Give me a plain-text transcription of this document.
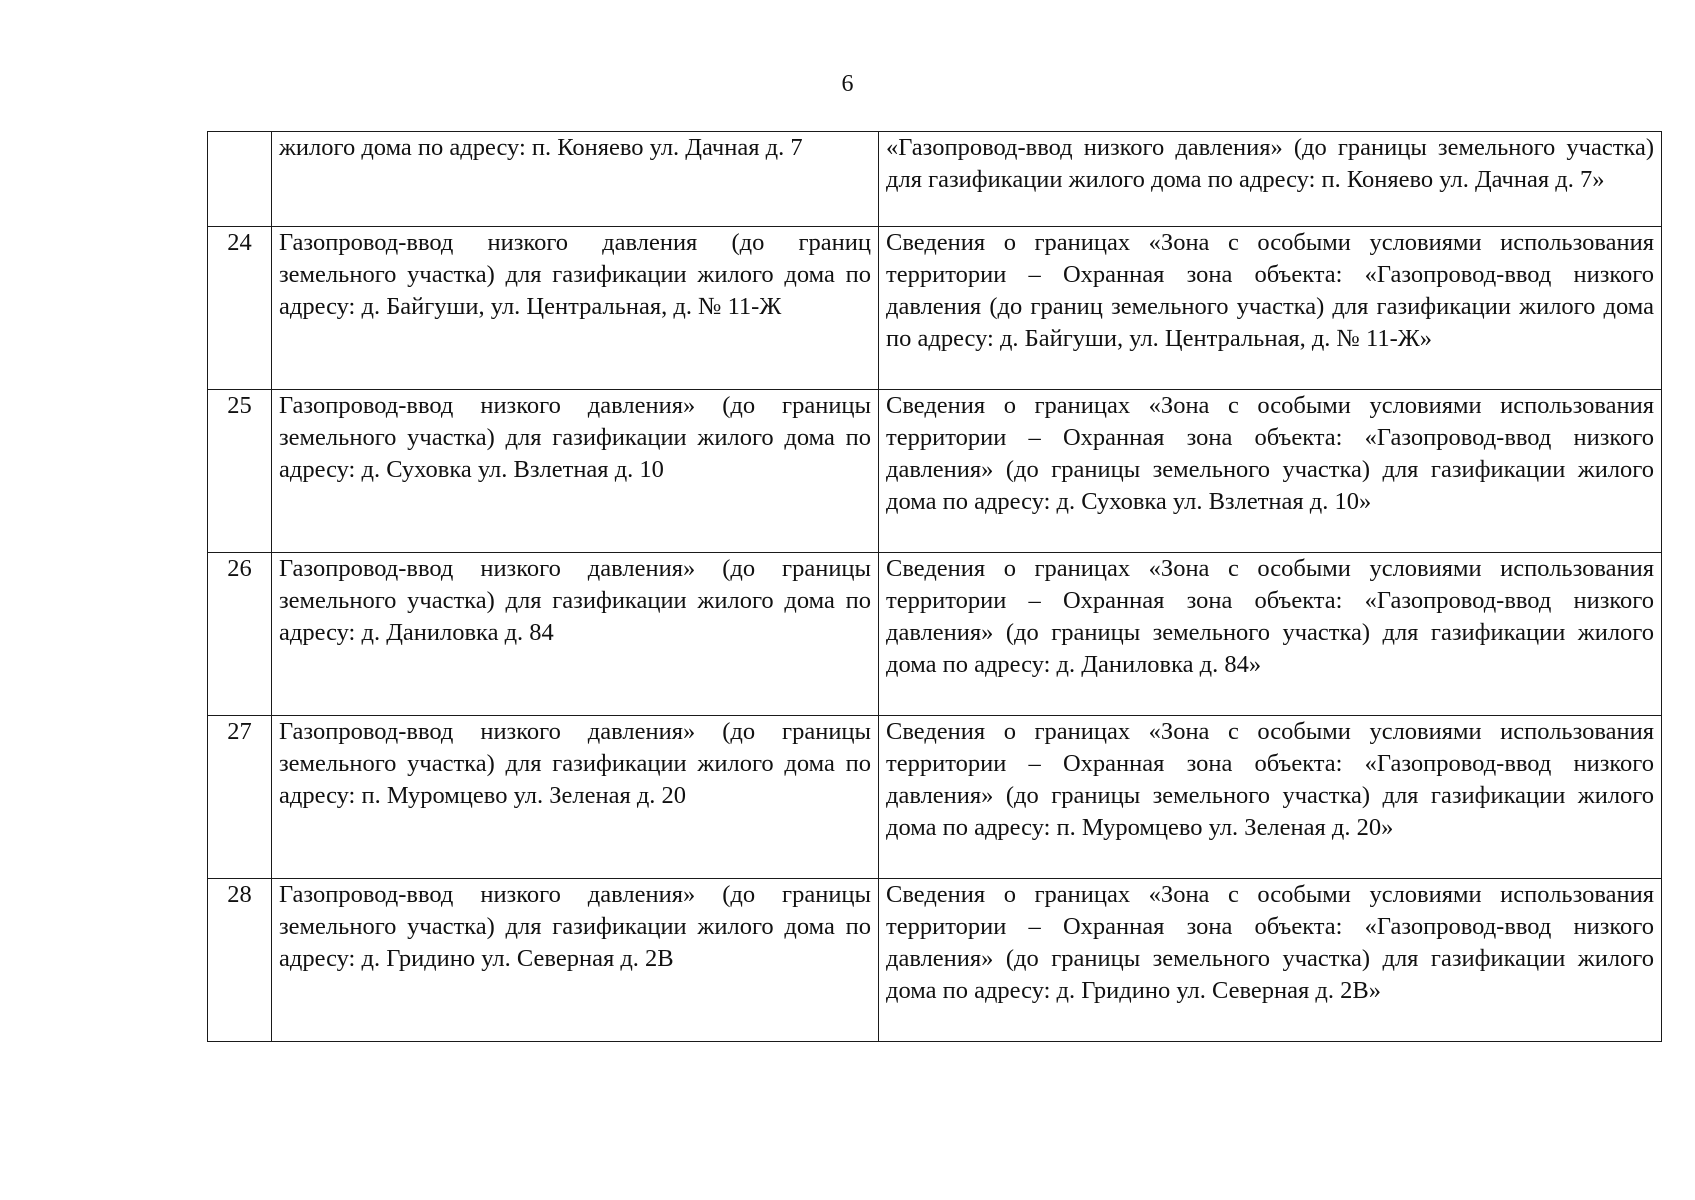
6
	жилого дома по адресу: п. Коняево ул. Дачная д. 7	«Газопровод-ввод низкого давления» (до границы земельного участка) для газификации жилого дома по адресу: п. Коняево ул. Дачная д. 7»
24	Газопровод-ввод низкого давления (до границ земельного участка) для газификации жилого дома по адресу: д. Байгуши, ул. Центральная, д. № 11-Ж	Сведения о границах «Зона с особыми условиями использования территории – Охранная зона объекта: «Газопровод-ввод низкого давления (до границ земельного участка) для газификации жилого дома по адресу: д. Байгуши, ул. Центральная, д. № 11-Ж»
25	Газопровод-ввод низкого давления» (до границы земельного участка) для газификации жилого дома по адресу: д. Суховка ул. Взлетная д. 10	Сведения о границах «Зона с особыми условиями использования территории – Охранная зона объекта: «Газопровод-ввод низкого давления» (до границы земельного участка) для газификации жилого дома по адресу: д. Суховка ул. Взлетная д. 10»
26	Газопровод-ввод низкого давления» (до границы земельного участка) для газификации жилого дома по адресу: д. Даниловка д. 84	Сведения о границах «Зона с особыми условиями использования территории – Охранная зона объекта: «Газопровод-ввод низкого давления» (до границы земельного участка) для газификации жилого дома по адресу: д. Даниловка д. 84»
27	Газопровод-ввод низкого давления» (до границы земельного участка) для газификации жилого дома по адресу: п. Муромцево ул. Зеленая д. 20	Сведения о границах «Зона с особыми условиями использования территории – Охранная зона объекта: «Газопровод-ввод низкого давления» (до границы земельного участка) для газификации жилого дома по адресу: п. Муромцево ул. Зеленая д. 20»
28	Газопровод-ввод низкого давления» (до границы земельного участка) для газификации жилого дома по адресу: д. Гридино ул. Северная д. 2В	Сведения о границах «Зона с особыми условиями использования территории – Охранная зона объекта: «Газопровод-ввод низкого давления» (до границы земельного участка) для газификации жилого дома по адресу: д. Гридино ул. Северная д. 2В»
